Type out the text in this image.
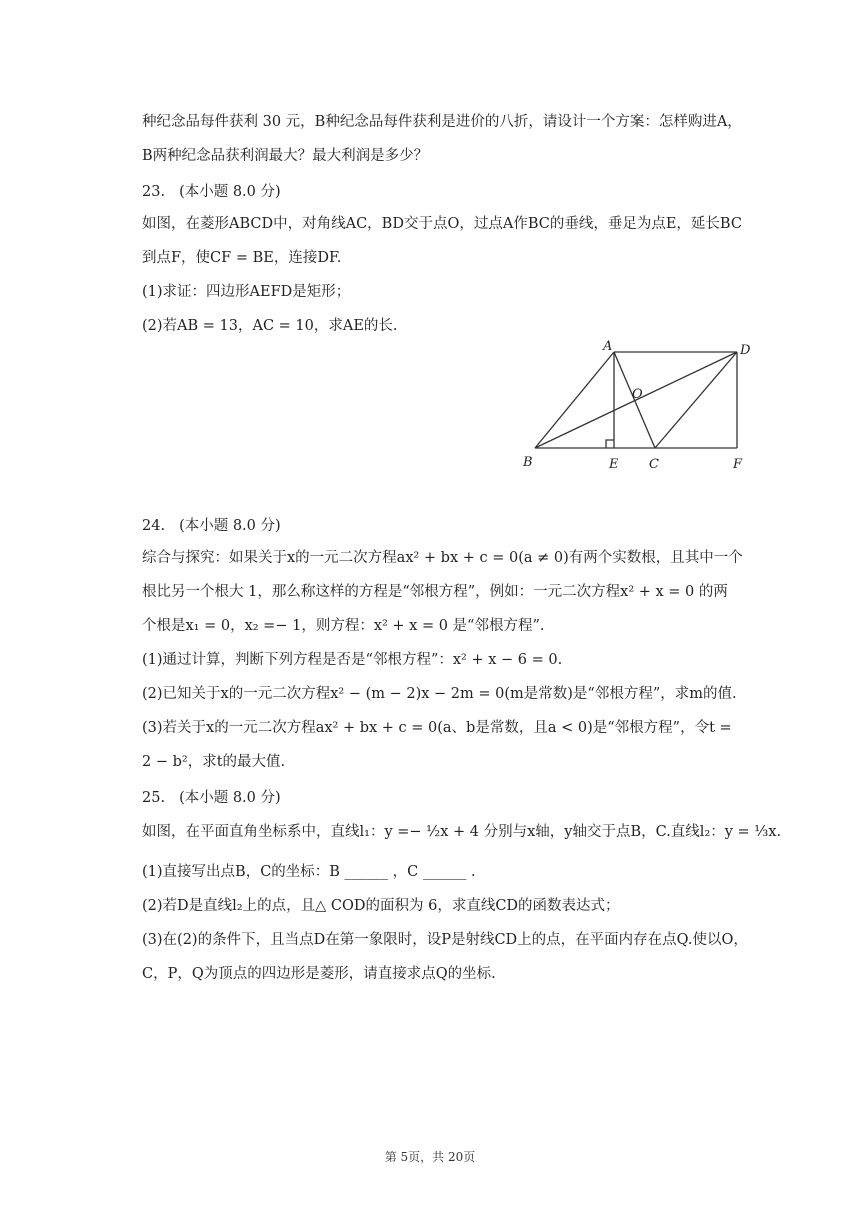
种纪念品每件获利 30 元，B种纪念品每件获利是进价的八折，请设计一个方案：怎样购进A，
B两种纪念品获利润最大？最大利润是多少？
23. (本小题 8.0 分)
如图，在菱形ABCD中，对角线AC，BD交于点O，过点A作BC的垂线，垂足为点E，延长BC
到点F，使CF = BE，连接DF.
(1)求证：四边形AEFD是矩形；
(2)若AB = 13，AC = 10，求AE的长.
A	D
O
B	E C	F
24. (本小题 8.0 分)
综合与探究：如果关于x的一元二次方程ax² + bx + c = 0(a ≠ 0)有两个实数根，且其中一个
根比另一个根大 1，那么称这样的方程是“邻根方程”，例如：一元二次方程x² + x = 0 的两
个根是x₁ = 0，x₂ =− 1，则方程：x² + x = 0 是“邻根方程”.
(1)通过计算，判断下列方程是否是“邻根方程”：x² + x − 6 = 0.
(2)已知关于x的一元二次方程x² − (m − 2)x − 2m = 0(m是常数)是“邻根方程”，求m的值.
(3)若关于x的一元二次方程ax² + bx + c = 0(a、b是常数，且a < 0)是“邻根方程”，令t =
2 − b²，求t的最大值.
25. (本小题 8.0 分)
如图，在平面直角坐标系中，直线l₁：y =− ½x + 4 分别与x轴，y轴交于点B，C.直线l₂：y = ⅓x.
(1)直接写出点B，C的坐标：B ______ ，C ______ .
(2)若D是直线l₂上的点，且△ COD的面积为 6，求直线CD的函数表达式；
(3)在(2)的条件下，且当点D在第一象限时，设P是射线CD上的点，在平面内存在点Q.使以O，
C，P，Q为顶点的四边形是菱形，请直接求点Q的坐标.
第 5页，共 20页
